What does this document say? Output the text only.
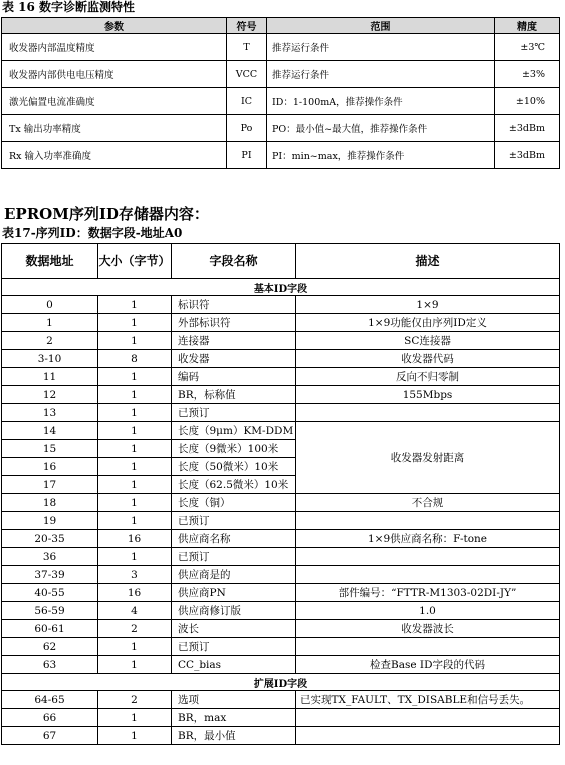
表 16 数字诊断监测特性
参数	符号	范围	精度
收发器内部温度精度	T	推荐运行条件	±3℃
收发器内部供电电压精度	VCC	推荐运行条件	±3%
激光偏置电流准确度	IC	ID：1-100mA，推荐操作条件	±10%
Tx 输出功率精度	Po	PO：最小值~最大值，推荐操作条件	±3dBm
Rx 输入功率准确度	PI	PI：min~max，推荐操作条件	±3dBm
EPROM序列ID存储器内容：
表17-序列ID：数据字段-地址A0
数据地址	大小（字节）	字段名称	描述
基本ID字段			
0	1	标识符	1×9
1	1	外部标识符	1×9功能仅由序列ID定义
2	1	连接器	SC连接器
3-10	8	收发器	收发器代码
11	1	编码	反向不归零制
12	1	BR，标称值	155Mbps
13	1	已预订	
14	1	长度（9μm）KM-DDM	收发器发射距离
15	1	长度（9微米）100米	
16	1	长度（50微米）10米	
17	1	长度（62.5微米）10米	
18	1	长度（铜）	不合规
19	1	已预订	
20-35	16	供应商名称	1×9供应商名称：F-tone
36	1	已预订	
37-39	3	供应商是的	
40-55	16	供应商PN	部件编号：“FTTR-M1303-02DI-JY”
56-59	4	供应商修订版	1.0
60-61	2	波长	收发器波长
62	1	已预订	
63	1	CC_bias	检查Base ID字段的代码
扩展ID字段			
64-65	2	选项	已实现TX_FAULT、TX_DISABLE和信号丢失。
66	1	BR，max	
67	1	BR，最小值	
